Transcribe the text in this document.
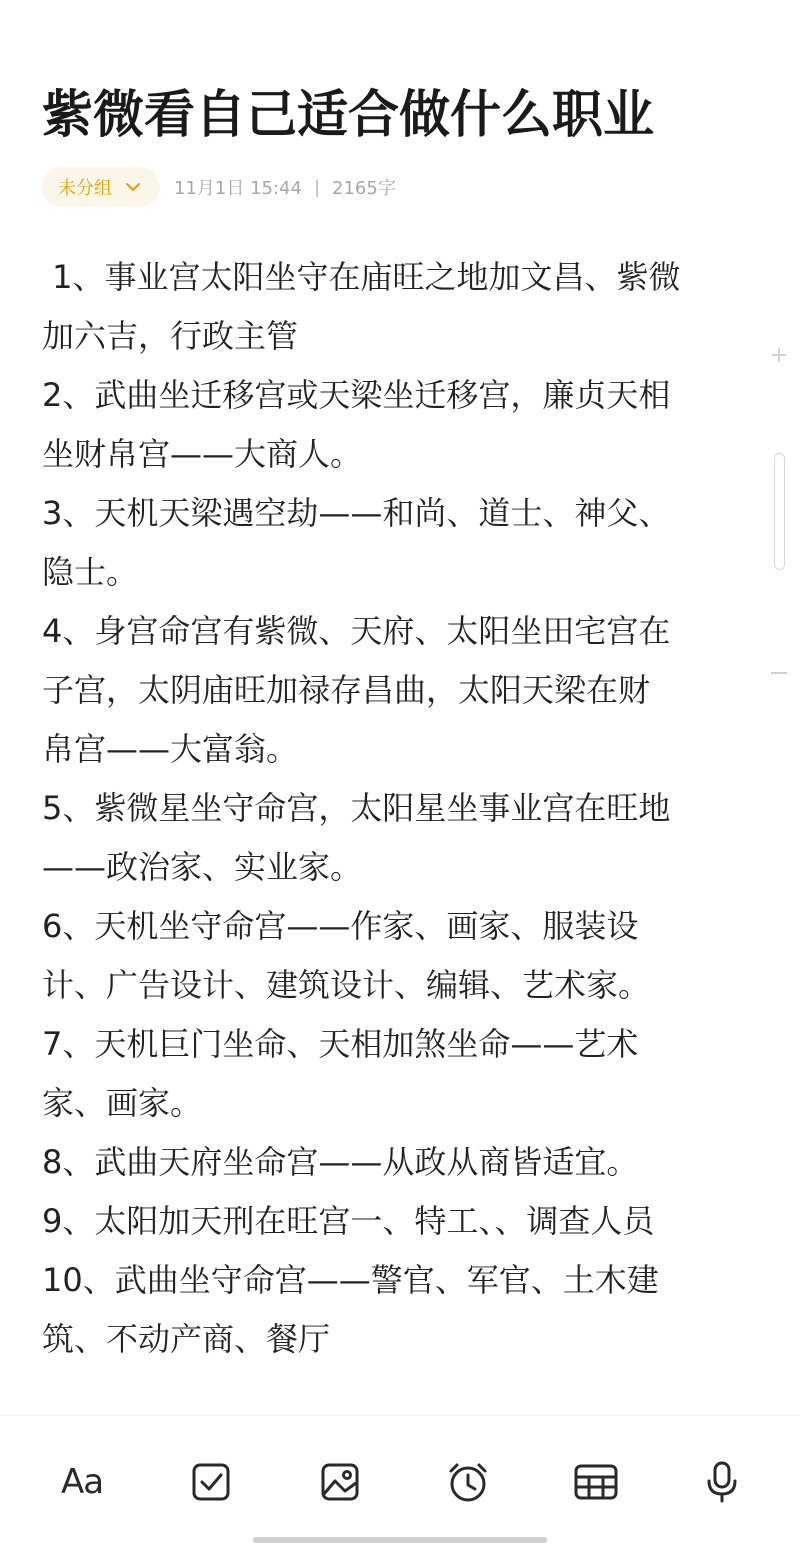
紫微看自己适合做什么职业
未分组	11月1日 15:44 | 2165字
1、事业宫太阳坐守在庙旺之地加文昌、紫微
加六吉，行政主管
2、武曲坐迁移宫或天梁坐迁移宫，廉贞天相
坐财帛宫——大商人。
3、天机天梁遇空劫——和尚、道士、神父、
隐士。
4、身宫命宫有紫微、天府、太阳坐田宅宫在
子宫，太阴庙旺加禄存昌曲，太阳天梁在财
帛宫——大富翁。
5、紫微星坐守命宫，太阳星坐事业宫在旺地
——政治家、实业家。
6、天机坐守命宫——作家、画家、服装设
计、广告设计、建筑设计、编辑、艺术家。
7、天机巨门坐命、天相加煞坐命——艺术
家、画家。
8、武曲天府坐命宫——从政从商皆适宜。
9、太阳加天刑在旺宫一、特工、、调查人员
10、武曲坐守命宫——警官、军官、土木建
筑、不动产商、餐厅
Aa
